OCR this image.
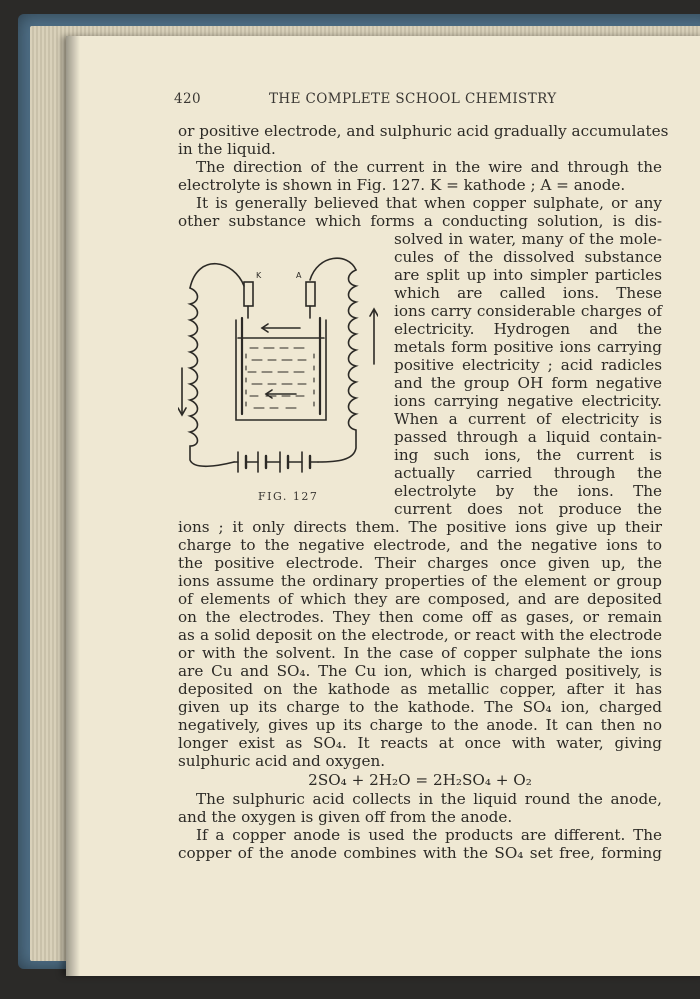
420	THE COMPLETE SCHOOL CHEMISTRY
or positive electrode, and sulphuric acid gradually accumulates
in the liquid.
The direction of the current in the wire and through the
electrolyte is shown in Fig. 127. K = kathode ; A = anode.
It is generally believed that when copper sulphate, or any
other substance which forms a conducting solution, is dis-
solved in water, many of the mole-
cules of the dissolved substance
are split up into simpler particles
which are called ions. These
ions carry considerable charges of
electricity. Hydrogen and the
metals form positive ions carrying
positive electricity ; acid radicles
and the group OH form negative
ions carrying negative electricity.
When a current of electricity is
passed through a liquid contain-
ing such ions, the current is
actually carried through the
electrolyte by the ions. The
current does not produce the
K	A
FIG. 127
ions ; it only directs them. The positive ions give up their
charge to the negative electrode, and the negative ions to
the positive electrode. Their charges once given up, the
ions assume the ordinary properties of the element or group
of elements of which they are composed, and are deposited
on the electrodes. They then come off as gases, or remain
as a solid deposit on the electrode, or react with the electrode
or with the solvent. In the case of copper sulphate the ions
are Cu and SO₄. The Cu ion, which is charged positively, is
deposited on the kathode as metallic copper, after it has
given up its charge to the kathode. The SO₄ ion, charged
negatively, gives up its charge to the anode. It can then no
longer exist as SO₄. It reacts at once with water, giving
sulphuric acid and oxygen.
2SO₄ + 2H₂O = 2H₂SO₄ + O₂
The sulphuric acid collects in the liquid round the anode,
and the oxygen is given off from the anode.
If a copper anode is used the products are different. The
copper of the anode combines with the SO₄ set free, forming
